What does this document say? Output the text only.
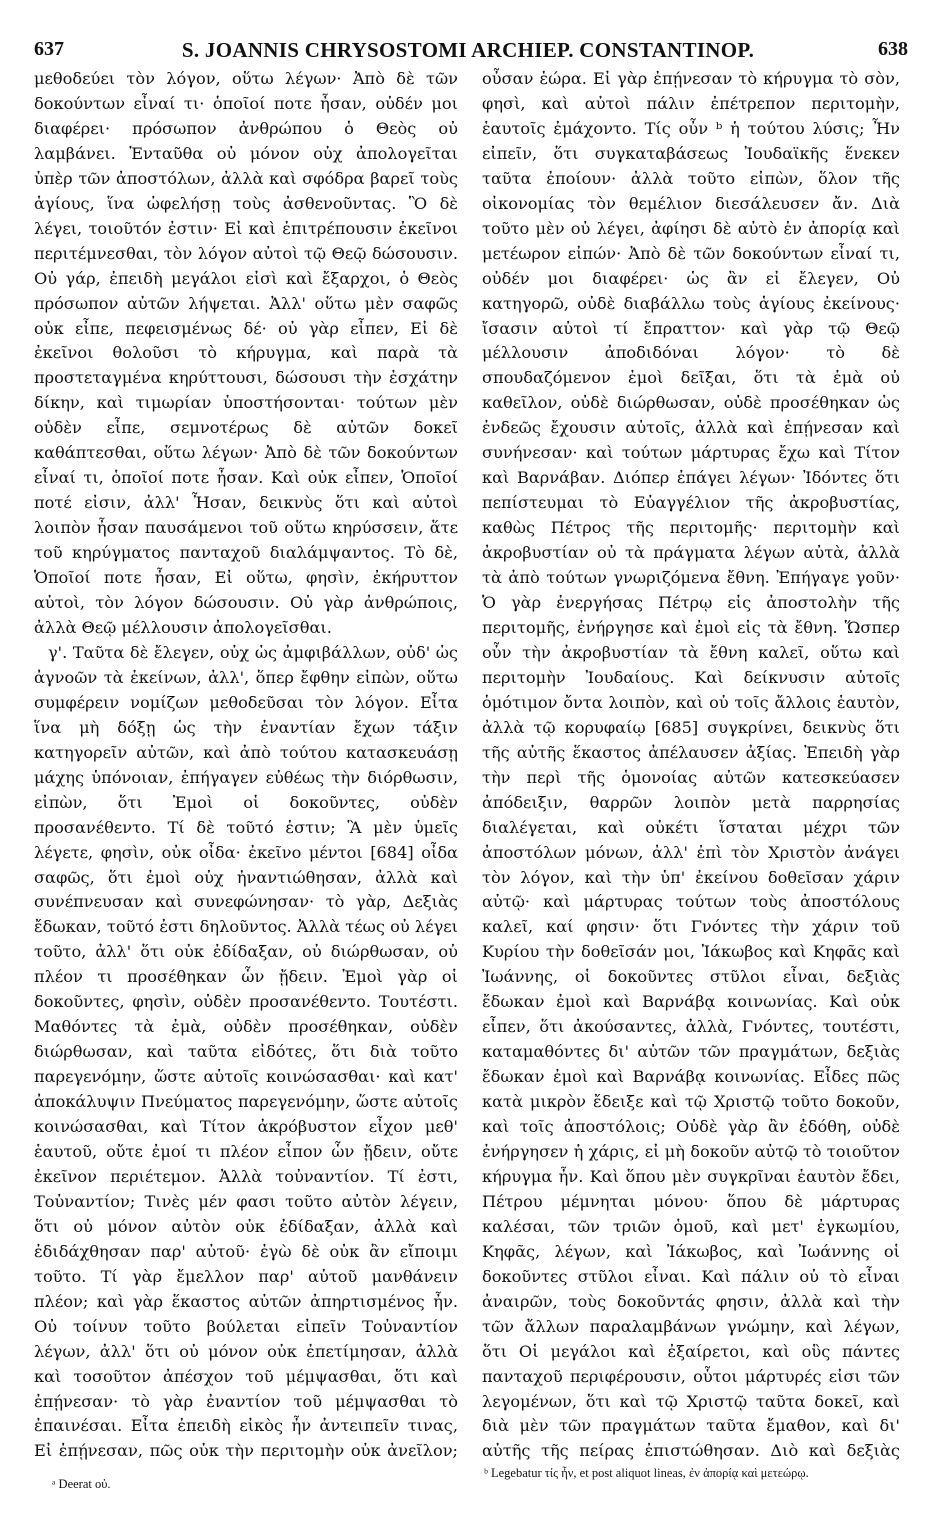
637	S. JOANNIS CHRYSOSTOMI ARCHIEP. CONSTANTINOP.	638

μεθοδεύει τὸν λόγον, οὕτω λέγων· Ἀπὸ δὲ τῶν δοκούντων εἶναί τι· ὁποῖοί ποτε ἦσαν, οὐδέν μοι διαφέρει· πρόσωπον ἀνθρώπου ὁ Θεὸς οὐ λαμβάνει. Ἐνταῦθα οὐ μόνον οὐχ ἀπολογεῖται ὑπὲρ τῶν ἀποστόλων, ἀλλὰ καὶ σφόδρα βαρεῖ τοὺς ἁγίους, ἵνα ὠφελήσῃ τοὺς ἀσθενοῦντας. Ὃ δὲ λέγει, τοιοῦτόν ἐστιν· Εἰ καὶ ἐπιτρέπουσιν ἐκεῖνοι περιτέμνεσθαι, τὸν λόγον αὐτοὶ τῷ Θεῷ δώσουσιν. Οὐ γάρ, ἐπειδὴ μεγάλοι εἰσὶ καὶ ἔξαρχοι, ὁ Θεὸς πρόσωπον αὐτῶν λήψεται. Ἀλλ' οὕτω μὲν σαφῶς οὐκ εἶπε, πεφεισμένως δέ· οὐ γὰρ εἶπεν, Εἰ δὲ ἐκεῖνοι θολοῦσι τὸ κήρυγμα, καὶ παρὰ τὰ προστεταγμένα κηρύττουσι, δώσουσι τὴν ἐσχάτην δίκην, καὶ τιμωρίαν ὑποστήσονται· τούτων μὲν οὐδὲν εἶπε, σεμνοτέρως δὲ αὐτῶν δοκεῖ καθάπτεσθαι, οὕτω λέγων· Ἀπὸ δὲ τῶν δοκούντων εἶναί τι, ὁποῖοί ποτε ἦσαν. Καὶ οὐκ εἶπεν, Ὁποῖοί ποτέ εἰσιν, ἀλλ' Ἦσαν, δεικνὺς ὅτι καὶ αὐτοὶ λοιπὸν ἦσαν παυσάμενοι τοῦ οὕτω κηρύσσειν, ἅτε τοῦ κηρύγματος πανταχοῦ διαλάμψαντος. Τὸ δὲ, Ὁποῖοί ποτε ἦσαν, Εἰ οὕτω, φησὶν, ἐκήρυττον αὐτοὶ, τὸν λόγον δώσουσιν. Οὐ γὰρ ἀνθρώποις, ἀλλὰ Θεῷ μέλλουσιν ἀπολογεῖσθαι.

γ'. Ταῦτα δὲ ἔλεγεν, οὐχ ὡς ἀμφιβάλλων, οὐδ' ὡς ἀγνοῶν τὰ ἐκείνων, ἀλλ', ὅπερ ἔφθην εἰπὼν, οὕτω συμφέρειν νομίζων μεθοδεῦσαι τὸν λόγον. Εἶτα ἵνα μὴ δόξῃ ὡς τὴν ἐναντίαν ἔχων τάξιν κατηγορεῖν αὐτῶν, καὶ ἀπὸ τούτου κατασκευάσῃ μάχης ὑπόνοιαν, ἐπήγαγεν εὐθέως τὴν διόρθωσιν, εἰπὼν, ὅτι Ἐμοὶ οἱ δοκοῦντες, οὐδὲν προσανέθεντο. Τί δὲ τοῦτό ἐστιν; Ἃ μὲν ὑμεῖς λέγετε, φησὶν, οὐκ οἶδα· ἐκεῖνο μέντοι [684] οἶδα σαφῶς, ὅτι ἐμοὶ οὐχ ἠναντιώθησαν, ἀλλὰ καὶ συνέπνευσαν καὶ συνεφώνησαν· τὸ γὰρ, Δεξιὰς ἔδωκαν, τοῦτό ἐστι δηλοῦντος. Ἀλλὰ τέως οὐ λέγει τοῦτο, ἀλλ' ὅτι οὐκ ἐδίδαξαν, οὐ διώρθωσαν, οὐ πλέον τι προσέθηκαν ὧν ᾔδειν. Ἐμοὶ γὰρ οἱ δοκοῦντες, φησὶν, οὐδὲν προσανέθεντο. Τουτέστι. Μαθόντες τὰ ἐμὰ, οὐδὲν προσέθηκαν, οὐδὲν διώρθωσαν, καὶ ταῦτα εἰδότες, ὅτι διὰ τοῦτο παρεγενόμην, ὥστε αὐτοῖς κοινώσασθαι· καὶ κατ' ἀποκάλυψιν Πνεύματος παρεγενόμην, ὥστε αὐτοῖς κοινώσασθαι, καὶ Τίτον ἀκρόβυστον εἶχον μεθ' ἑαυτοῦ, οὔτε ἐμοί τι πλέον εἶπον ὧν ᾔδειν, οὔτε ἐκεῖνον περιέτεμον. Ἀλλὰ τοὐναντίον. Τί ἐστι, Τοὐναντίον; Τινὲς μέν φασι τοῦτο αὐτὸν λέγειν, ὅτι οὐ μόνον αὐτὸν οὐκ ἐδίδαξαν, ἀλλὰ καὶ ἐδιδάχθησαν παρ' αὐτοῦ· ἐγὼ δὲ οὐκ ἂν εἴποιμι τοῦτο. Τί γὰρ ἔμελλον παρ' αὐτοῦ μανθάνειν πλέον; καὶ γὰρ ἕκαστος αὐτῶν ἀπηρτισμένος ἦν. Οὐ τοίνυν τοῦτο βούλεται εἰπεῖν Τοὐναντίον λέγων, ἀλλ' ὅτι οὐ μόνον οὐκ ἐπετίμησαν, ἀλλὰ καὶ τοσοῦτον ἀπέσχον τοῦ μέμψασθαι, ὅτι καὶ ἐπῄνεσαν· τὸ γὰρ ἐναντίον τοῦ μέμψασθαι τὸ ἐπαινέσαι. Εἶτα ἐπειδὴ εἰκὸς ἦν ἀντειπεῖν τινας, Εἰ ἐπῄνεσαν, πῶς οὐκ τὴν περιτομὴν οὐκ ἀνεῖλον;

οὖσαν ἑώρα. Εἰ γὰρ ἐπῄνεσαν τὸ κήρυγμα τὸ σὸν, φησὶ, καὶ αὐτοὶ πάλιν ἐπέτρεπον περιτομὴν, ἑαυτοῖς ἐμάχοντο. Τίς οὖν ᵇ ἡ τούτου λύσις; Ἦν εἰπεῖν, ὅτι συγκαταβάσεως Ἰουδαϊκῆς ἕνεκεν ταῦτα ἐποίουν· ἀλλὰ τοῦτο εἰπὼν, ὅλον τῆς οἰκονομίας τὸν θεμέλιον διεσάλευσεν ἄν. Διὰ τοῦτο μὲν οὐ λέγει, ἀφίησι δὲ αὐτὸ ἐν ἀπορίᾳ καὶ μετέωρον εἰπών· Ἀπὸ δὲ τῶν δοκούντων εἶναί τι, οὐδέν μοι διαφέρει· ὡς ἂν εἰ ἔλεγεν, Οὐ κατηγορῶ, οὐδὲ διαβάλλω τοὺς ἁγίους ἐκείνους· ἴσασιν αὐτοὶ τί ἔπραττον· καὶ γὰρ τῷ Θεῷ μέλλουσιν ἀποδιδόναι λόγον· τὸ δὲ σπουδαζόμενον ἐμοὶ δεῖξαι, ὅτι τὰ ἐμὰ οὐ καθεῖλον, οὐδὲ διώρθωσαν, οὐδὲ προσέθηκαν ὡς ἐνδεῶς ἔχουσιν αὐτοῖς, ἀλλὰ καὶ ἐπῄνεσαν καὶ συνήνεσαν· καὶ τούτων μάρτυρας ἔχω καὶ Τίτον καὶ Βαρνάβαν. Διόπερ ἐπάγει λέγων· Ἰδόντες ὅτι πεπίστευμαι τὸ Εὐαγγέλιον τῆς ἀκροβυστίας, καθὼς Πέτρος τῆς περιτομῆς· περιτομὴν καὶ ἀκροβυστίαν οὐ τὰ πράγματα λέγων αὐτὰ, ἀλλὰ τὰ ἀπὸ τούτων γνωριζόμενα ἔθνη. Ἐπήγαγε γοῦν· Ὁ γὰρ ἐνεργήσας Πέτρῳ εἰς ἀποστολὴν τῆς περιτομῆς, ἐνήργησε καὶ ἐμοὶ εἰς τὰ ἔθνη. Ὥσπερ οὖν τὴν ἀκροβυστίαν τὰ ἔθνη καλεῖ, οὕτω καὶ περιτομὴν Ἰουδαίους. Καὶ δείκνυσιν αὐτοῖς ὁμότιμον ὄντα λοιπὸν, καὶ οὐ τοῖς ἄλλοις ἑαυτὸν, ἀλλὰ τῷ κορυφαίῳ [685] συγκρίνει, δεικνὺς ὅτι τῆς αὐτῆς ἕκαστος ἀπέλαυσεν ἀξίας. Ἐπειδὴ γὰρ τὴν περὶ τῆς ὁμονοίας αὐτῶν κατεσκεύασεν ἀπόδειξιν, θαρρῶν λοιπὸν μετὰ παρρησίας διαλέγεται, καὶ οὐκέτι ἵσταται μέχρι τῶν ἀποστόλων μόνων, ἀλλ' ἐπὶ τὸν Χριστὸν ἀνάγει τὸν λόγον, καὶ τὴν ὑπ' ἐκείνου δοθεῖσαν χάριν αὐτῷ· καὶ μάρτυρας τούτων τοὺς ἀποστόλους καλεῖ, καί φησιν· ὅτι Γνόντες τὴν χάριν τοῦ Κυρίου τὴν δοθεῖσάν μοι, Ἰάκωβος καὶ Κηφᾶς καὶ Ἰωάννης, οἱ δοκοῦντες στῦλοι εἶναι, δεξιὰς ἔδωκαν ἐμοὶ καὶ Βαρνάβᾳ κοινωνίας. Καὶ οὐκ εἶπεν, ὅτι ἀκούσαντες, ἀλλὰ, Γνόντες, τουτέστι, καταμαθόντες δι' αὐτῶν τῶν πραγμάτων, δεξιὰς ἔδωκαν ἐμοὶ καὶ Βαρνάβᾳ κοινωνίας. Εἶδες πῶς κατὰ μικρὸν ἔδειξε καὶ τῷ Χριστῷ τοῦτο δοκοῦν, καὶ τοῖς ἀποστόλοις; Οὐδὲ γὰρ ἂν ἐδόθη, οὐδὲ ἐνήργησεν ἡ χάρις, εἰ μὴ δοκοῦν αὐτῷ τὸ τοιοῦτον κήρυγμα ἦν. Καὶ ὅπου μὲν συγκρῖναι ἑαυτὸν ἔδει, Πέτρου μέμνηται μόνου· ὅπου δὲ μάρτυρας καλέσαι, τῶν τριῶν ὁμοῦ, καὶ μετ' ἐγκωμίου, Κηφᾶς, λέγων, καὶ Ἰάκωβος, καὶ Ἰωάννης οἱ δοκοῦντες στῦλοι εἶναι. Καὶ πάλιν οὐ τὸ εἶναι ἀναιρῶν, τοὺς δοκοῦντάς φησιν, ἀλλὰ καὶ τὴν τῶν ἄλλων παραλαμβάνων γνώμην, καὶ λέγων, ὅτι Οἱ μεγάλοι καὶ ἐξαίρετοι, καὶ οὓς πάντες πανταχοῦ περιφέρουσιν, οὗτοι μάρτυρές εἰσι τῶν λεγομένων, ὅτι καὶ τῷ Χριστῷ ταῦτα δοκεῖ, καὶ διὰ μὲν τῶν πραγμάτων ταῦτα ἔμαθον, καὶ δι' αὐτῆς τῆς πείρας ἐπιστώθησαν. Διὸ καὶ δεξιὰς

ᵃ Deerat οὐ.
ᵇ Legebatur τίς ἦν, et post aliquot lineas, ἐν ἀπορίᾳ καὶ μετεώρῳ.
